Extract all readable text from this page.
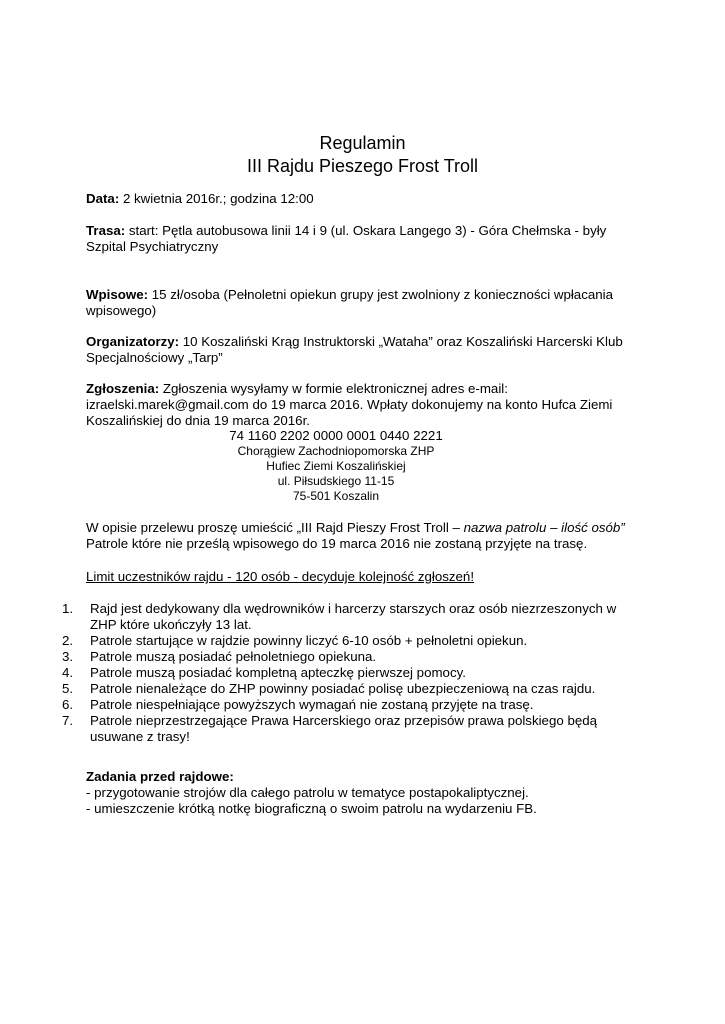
Regulamin
III Rajdu Pieszego Frost Troll
Data: 2 kwietnia 2016r.; godzina 12:00
Trasa: start: Pętla autobusowa linii 14 i 9 (ul. Oskara Langego 3) - Góra Chełmska - były Szpital Psychiatryczny
Wpisowe: 15 zł/osoba (Pełnoletni opiekun grupy jest zwolniony z konieczności wpłacania wpisowego)
Organizatorzy: 10 Koszaliński Krąg Instruktorski „Wataha” oraz Koszaliński Harcerski Klub Specjalnościowy „Tarp”
Zgłoszenia: Zgłoszenia wysyłamy w formie elektronicznej adres e-mail: izraelski.marek@gmail.com do 19 marca 2016. Wpłaty dokonujemy na konto Hufca Ziemi Koszalińskiej do dnia 19 marca 2016r.
74 1160 2202 0000 0001 0440 2221
Chorągiew Zachodniopomorska ZHP
Hufiec Ziemi Koszalińskiej
ul. Piłsudskiego 11-15
75-501 Koszalin
W opisie przelewu proszę umieścić „III Rajd Pieszy Frost Troll – nazwa patrolu – ilość osób”
Patrole które nie prześlą wpisowego do 19 marca 2016 nie zostaną przyjęte na trasę.
Limit uczestników rajdu - 120 osób - decyduje kolejność zgłoszeń!
1. Rajd jest dedykowany dla wędrowników i harcerzy starszych oraz osób niezrzeszonych w ZHP które ukończyły 13 lat.
2. Patrole startujące w rajdzie powinny liczyć 6-10 osób + pełnoletni opiekun.
3. Patrole muszą posiadać pełnoletniego opiekuna.
4. Patrole muszą posiadać kompletną apteczkę pierwszej pomocy.
5. Patrole nienależące do ZHP powinny posiadać polisę ubezpieczeniową na czas rajdu.
6. Patrole niespełniające powyższych wymagań nie zostaną przyjęte na trasę.
7. Patrole nieprzestrzegające Prawa Harcerskiego oraz przepisów prawa polskiego będą usuwane z trasy!
Zadania przed rajdowe:
- przygotowanie strojów dla całego patrolu w tematyce postapokaliptycznej.
- umieszczenie krótką notkę biograficzną o swoim patrolu na wydarzeniu FB.
